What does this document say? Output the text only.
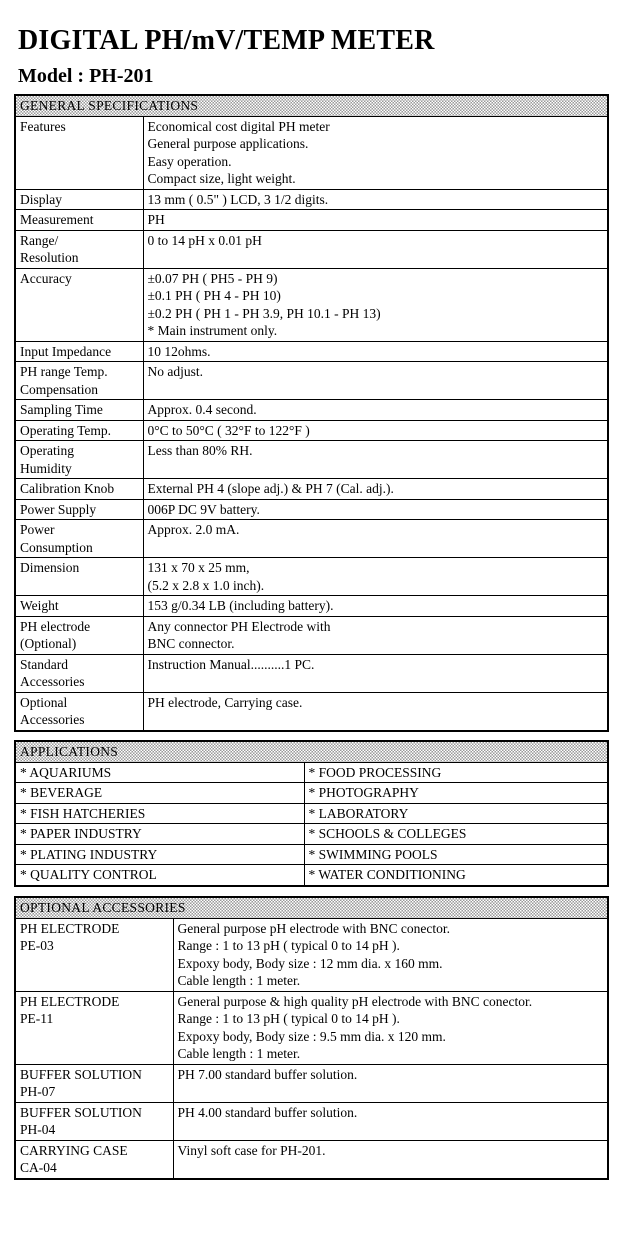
DIGITAL PH/mV/TEMP METER
Model : PH-201
GENERAL SPECIFICATIONS	

Features	Economical cost digital PH meter
General purpose applications.
Easy operation.
Compact size, light weight.

Display	13 mm ( 0.5" ) LCD, 3 1/2 digits.

Measurement	PH

Range/
Resolution	0 to 14 pH x 0.01 pH

Accuracy	±0.07 PH ( PH5 - PH 9)
±0.1 PH ( PH 4 - PH 10)
±0.2 PH ( PH 1 - PH 3.9, PH 10.1 - PH 13)
* Main instrument only.

Input Impedance	10 12ohms.

PH range Temp.
Compensation	No adjust.

Sampling Time	Approx. 0.4 second.

Operating Temp.	0°C to 50°C ( 32°F to 122°F )

Operating
Humidity	Less than 80% RH.

Calibration Knob	External PH 4 (slope adj.) & PH 7 (Cal. adj.).

Power Supply	006P DC 9V battery.

Power
Consumption	Approx. 2.0 mA.

Dimension	131 x 70 x 25 mm,
(5.2 x 2.8 x 1.0 inch).

Weight	153 g/0.34 LB (including battery).

PH electrode
(Optional)	Any connector PH Electrode with
BNC connector.

Standard
Accessories	Instruction Manual..........1 PC.

Optional
Accessories	PH electrode, Carrying case.
APPLICATIONS	
* AQUARIUMS	* FOOD PROCESSING
* BEVERAGE	* PHOTOGRAPHY
* FISH HATCHERIES	* LABORATORY
* PAPER INDUSTRY	* SCHOOLS & COLLEGES
* PLATING INDUSTRY	* SWIMMING POOLS
* QUALITY CONTROL	* WATER CONDITIONING
OPTIONAL ACCESSORIES	

PH ELECTRODE
PE-03	General purpose pH electrode with BNC conector.
Range : 1 to 13 pH ( typical 0 to 14 pH ).
Expoxy body, Body size : 12 mm dia. x 160 mm.
Cable length : 1 meter.

PH ELECTRODE
PE-11	General purpose & high quality pH electrode with BNC conector.
Range : 1 to 13 pH ( typical 0 to 14 pH ).
Expoxy body, Body size : 9.5 mm dia. x 120 mm.
Cable length : 1 meter.

BUFFER SOLUTION
PH-07	PH 7.00 standard buffer solution.

BUFFER SOLUTION
PH-04	PH 4.00 standard buffer solution.

CARRYING CASE
CA-04	Vinyl soft case for PH-201.
